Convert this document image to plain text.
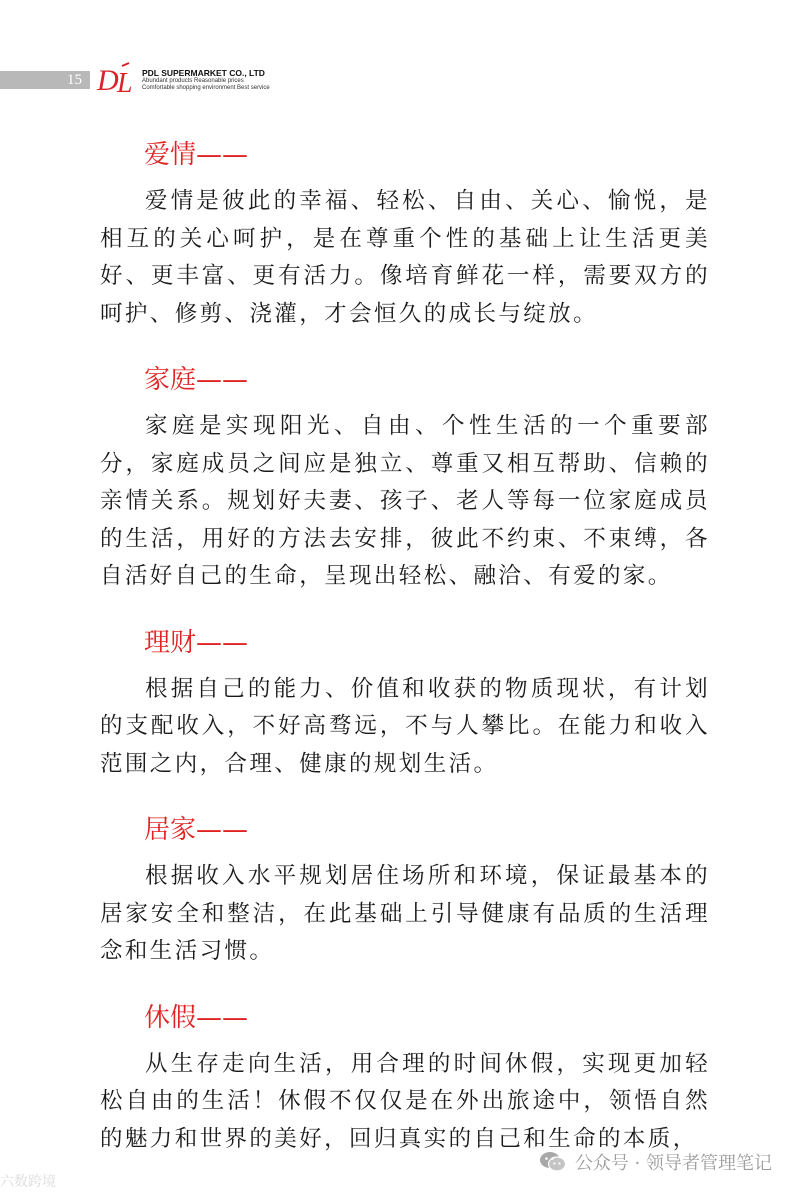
15 D
L PDL SUPERMARKET CO., LTD
Abundant products Reasonable prices
Comfortable shopping environment Best service
爱情——

爱情是彼此的幸福、轻松、自由、关心、愉悦，是相互的关心呵护，是在尊重个性的基础上让生活更美好、更丰富、更有活力。像培育鲜花一样，需要双方的呵护、修剪、浇灌，才会恒久的成长与绽放。

家庭——

家庭是实现阳光、自由、个性生活的一个重要部分，家庭成员之间应是独立、尊重又相互帮助、信赖的亲情关系。规划好夫妻、孩子、老人等每一位家庭成员的生活，用好的方法去安排，彼此不约束、不束缚，各自活好自己的生命，呈现出轻松、融洽、有爱的家。

理财——

根据自己的能力、价值和收获的物质现状，有计划的支配收入，不好高骛远，不与人攀比。在能力和收入范围之内，合理、健康的规划生活。

居家——

根据收入水平规划居住场所和环境，保证最基本的居家安全和整洁，在此基础上引导健康有品质的生活理念和生活习惯。

休假——

从生存走向生活，用合理的时间休假，实现更加轻松自由的生活！休假不仅仅是在外出旅途中，领悟自然的魅力和世界的美好，回归真实的自己和生命的本质，

六数跨境
公众号 · 领导者管理笔记
